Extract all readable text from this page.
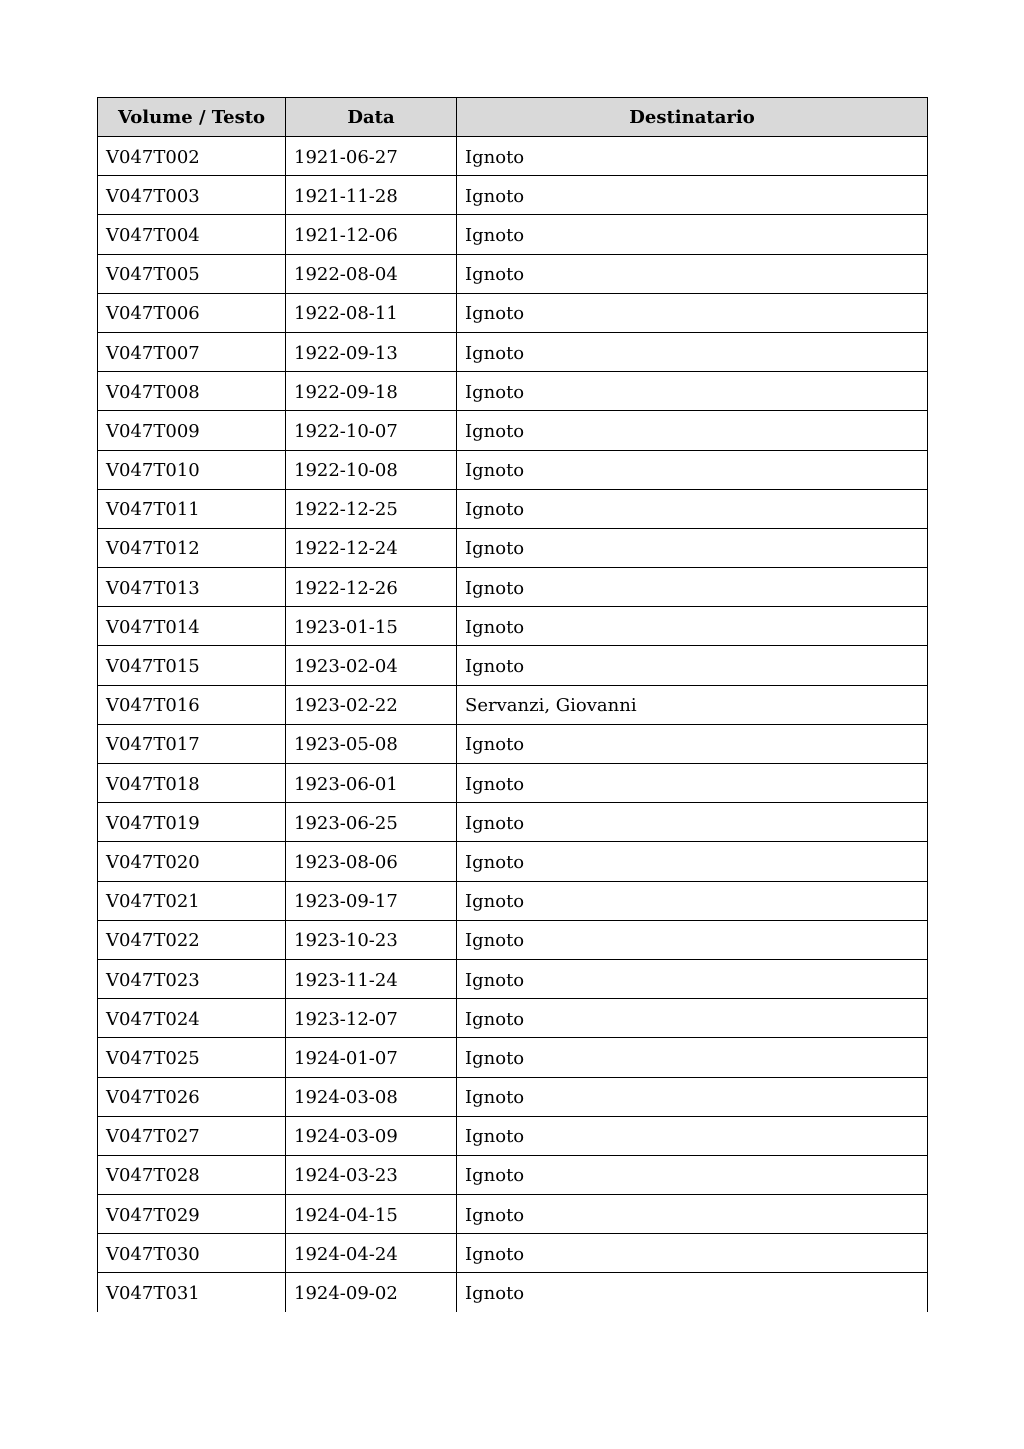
Volume / Testo	Data	Destinatario
V047T002	1921-06-27	Ignoto
V047T003	1921-11-28	Ignoto
V047T004	1921-12-06	Ignoto
V047T005	1922-08-04	Ignoto
V047T006	1922-08-11	Ignoto
V047T007	1922-09-13	Ignoto
V047T008	1922-09-18	Ignoto
V047T009	1922-10-07	Ignoto
V047T010	1922-10-08	Ignoto
V047T011	1922-12-25	Ignoto
V047T012	1922-12-24	Ignoto
V047T013	1922-12-26	Ignoto
V047T014	1923-01-15	Ignoto
V047T015	1923-02-04	Ignoto
V047T016	1923-02-22	Servanzi, Giovanni
V047T017	1923-05-08	Ignoto
V047T018	1923-06-01	Ignoto
V047T019	1923-06-25	Ignoto
V047T020	1923-08-06	Ignoto
V047T021	1923-09-17	Ignoto
V047T022	1923-10-23	Ignoto
V047T023	1923-11-24	Ignoto
V047T024	1923-12-07	Ignoto
V047T025	1924-01-07	Ignoto
V047T026	1924-03-08	Ignoto
V047T027	1924-03-09	Ignoto
V047T028	1924-03-23	Ignoto
V047T029	1924-04-15	Ignoto
V047T030	1924-04-24	Ignoto
V047T031	1924-09-02	Ignoto
